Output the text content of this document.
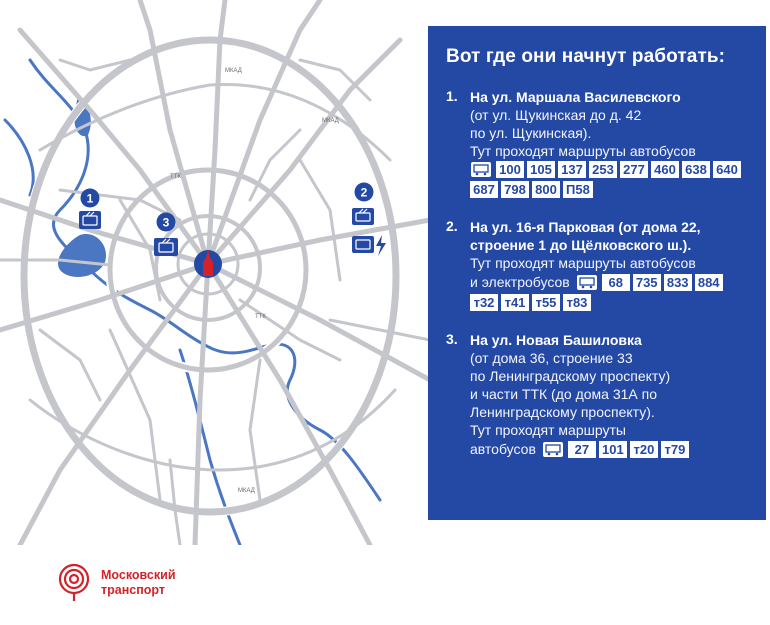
МКАД
МКАД
МКАД
ТТК
ТТК
1
3
2
Вот где они начнут работать:
1. На ул. Маршала Василевского
(от ул. Щукинская до д. 42
по ул. Щукинская).
Тут проходят маршруты автобусов
100 105 137 253 277 460 638 640
687 798 800 П58
2. На ул. 16-я Парковая (от дома 22, строение 1 до Щёлковского ш.).
Тут проходят маршруты автобусов
и электробусов	68 735 833 884
т32 т41 т55 т83
3. На ул. Новая Башиловка
(от дома 36, строение 33
по Ленинградскому проспекту)
и части ТТК (до дома 31А по
Ленинградскому проспекту).
Тут проходят маршруты
автобусов	27 101 т20 т79
Московский
транспорт
